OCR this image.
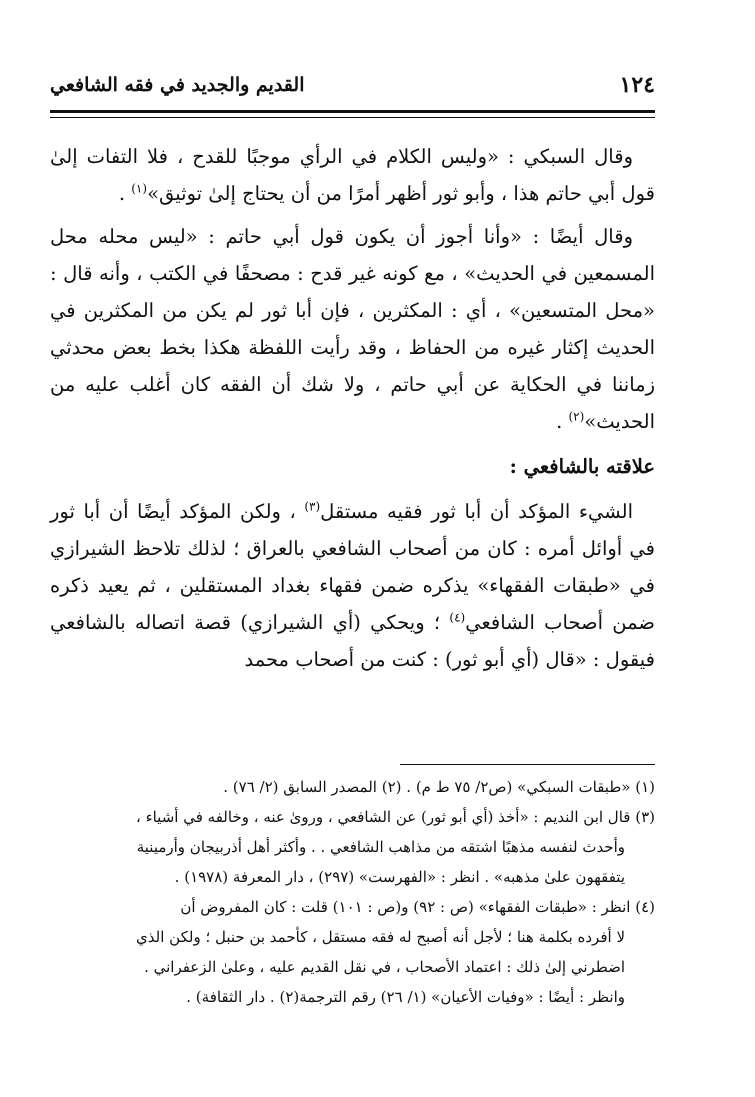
١٢٤
القديم والجديد في فقه الشافعي

وقال السبكي : «وليس الكلام في الرأي موجبًا للقدح ، فلا التفات إلىٰ قول أبي حاتم هذا ، وأبو ثور أظهر أمرًا من أن يحتاج إلىٰ توثيق»$^{(١)}$ .

وقال أيضًا : «وأنا أجوز أن يكون قول أبي حاتم : «ليس محله محل المسمعين في الحديث» ، مع كونه غير قدح : مصحفًا في الكتب ، وأنه قال : «محل المتسعين» ، أي : المكثرين ، فإن أبا ثور لم يكن من المكثرين في الحديث إكثار غيره من الحفاظ ، وقد رأيت اللفظة هكذا بخط بعض محدثي زماننا في الحكاية عن أبي حاتم ، ولا شك أن الفقه كان أغلب عليه من الحديث»$^{(٢)}$ .

علاقته بالشافعي :

الشيء المؤكد أن أبا ثور فقيه مستقل$^{(٣)}$ ، ولكن المؤكد أيضًا أن أبا ثور في أوائل أمره : كان من أصحاب الشافعي بالعراق ؛ لذلك تلاحظ الشيرازي في «طبقات الفقهاء» يذكره ضمن فقهاء بغداد المستقلين ، ثم يعيد ذكره ضمن أصحاب الشافعي$^{(٤)}$ ؛ ويحكي (أي الشيرازي) قصة اتصاله بالشافعي فيقول : «قال (أي أبو ثور) : كنت من أصحاب محمد

(١) «طبقات السبكي» (ص٢/ ٧٥ ط م) . (٢) المصدر السابق (٢/ ٧٦) .

(٣) قال ابن النديم : «أخذ (أي أبو ثور) عن الشافعي ، وروىٰ عنه ، وخالفه في أشياء ،

وأحدث لنفسه مذهبًا اشتقه من مذاهب الشافعي . . وأكثر أهل أذربيجان وأرمينية

يتفقهون علىٰ مذهبه» . انظر : «الفهرست» (٢٩٧) ، دار المعرفة (١٩٧٨) .

(٤) انظر : «طبقات الفقهاء» (ص : ٩٢) و(ص : ١٠١) قلت : كان المفروض أن

لا أفرده بكلمة هنا ؛ لأجل أنه أصبح له فقه مستقل ، كأحمد بن حنبل ؛ ولكن الذي

اضطرني إلىٰ ذلك : اعتماد الأصحاب ، في نقل القديم عليه ، وعلىٰ الزعفراني .

وانظر : أيضًا : «وفيات الأعيان» (١/ ٢٦) رقم الترجمة(٢) . دار الثقافة) .
